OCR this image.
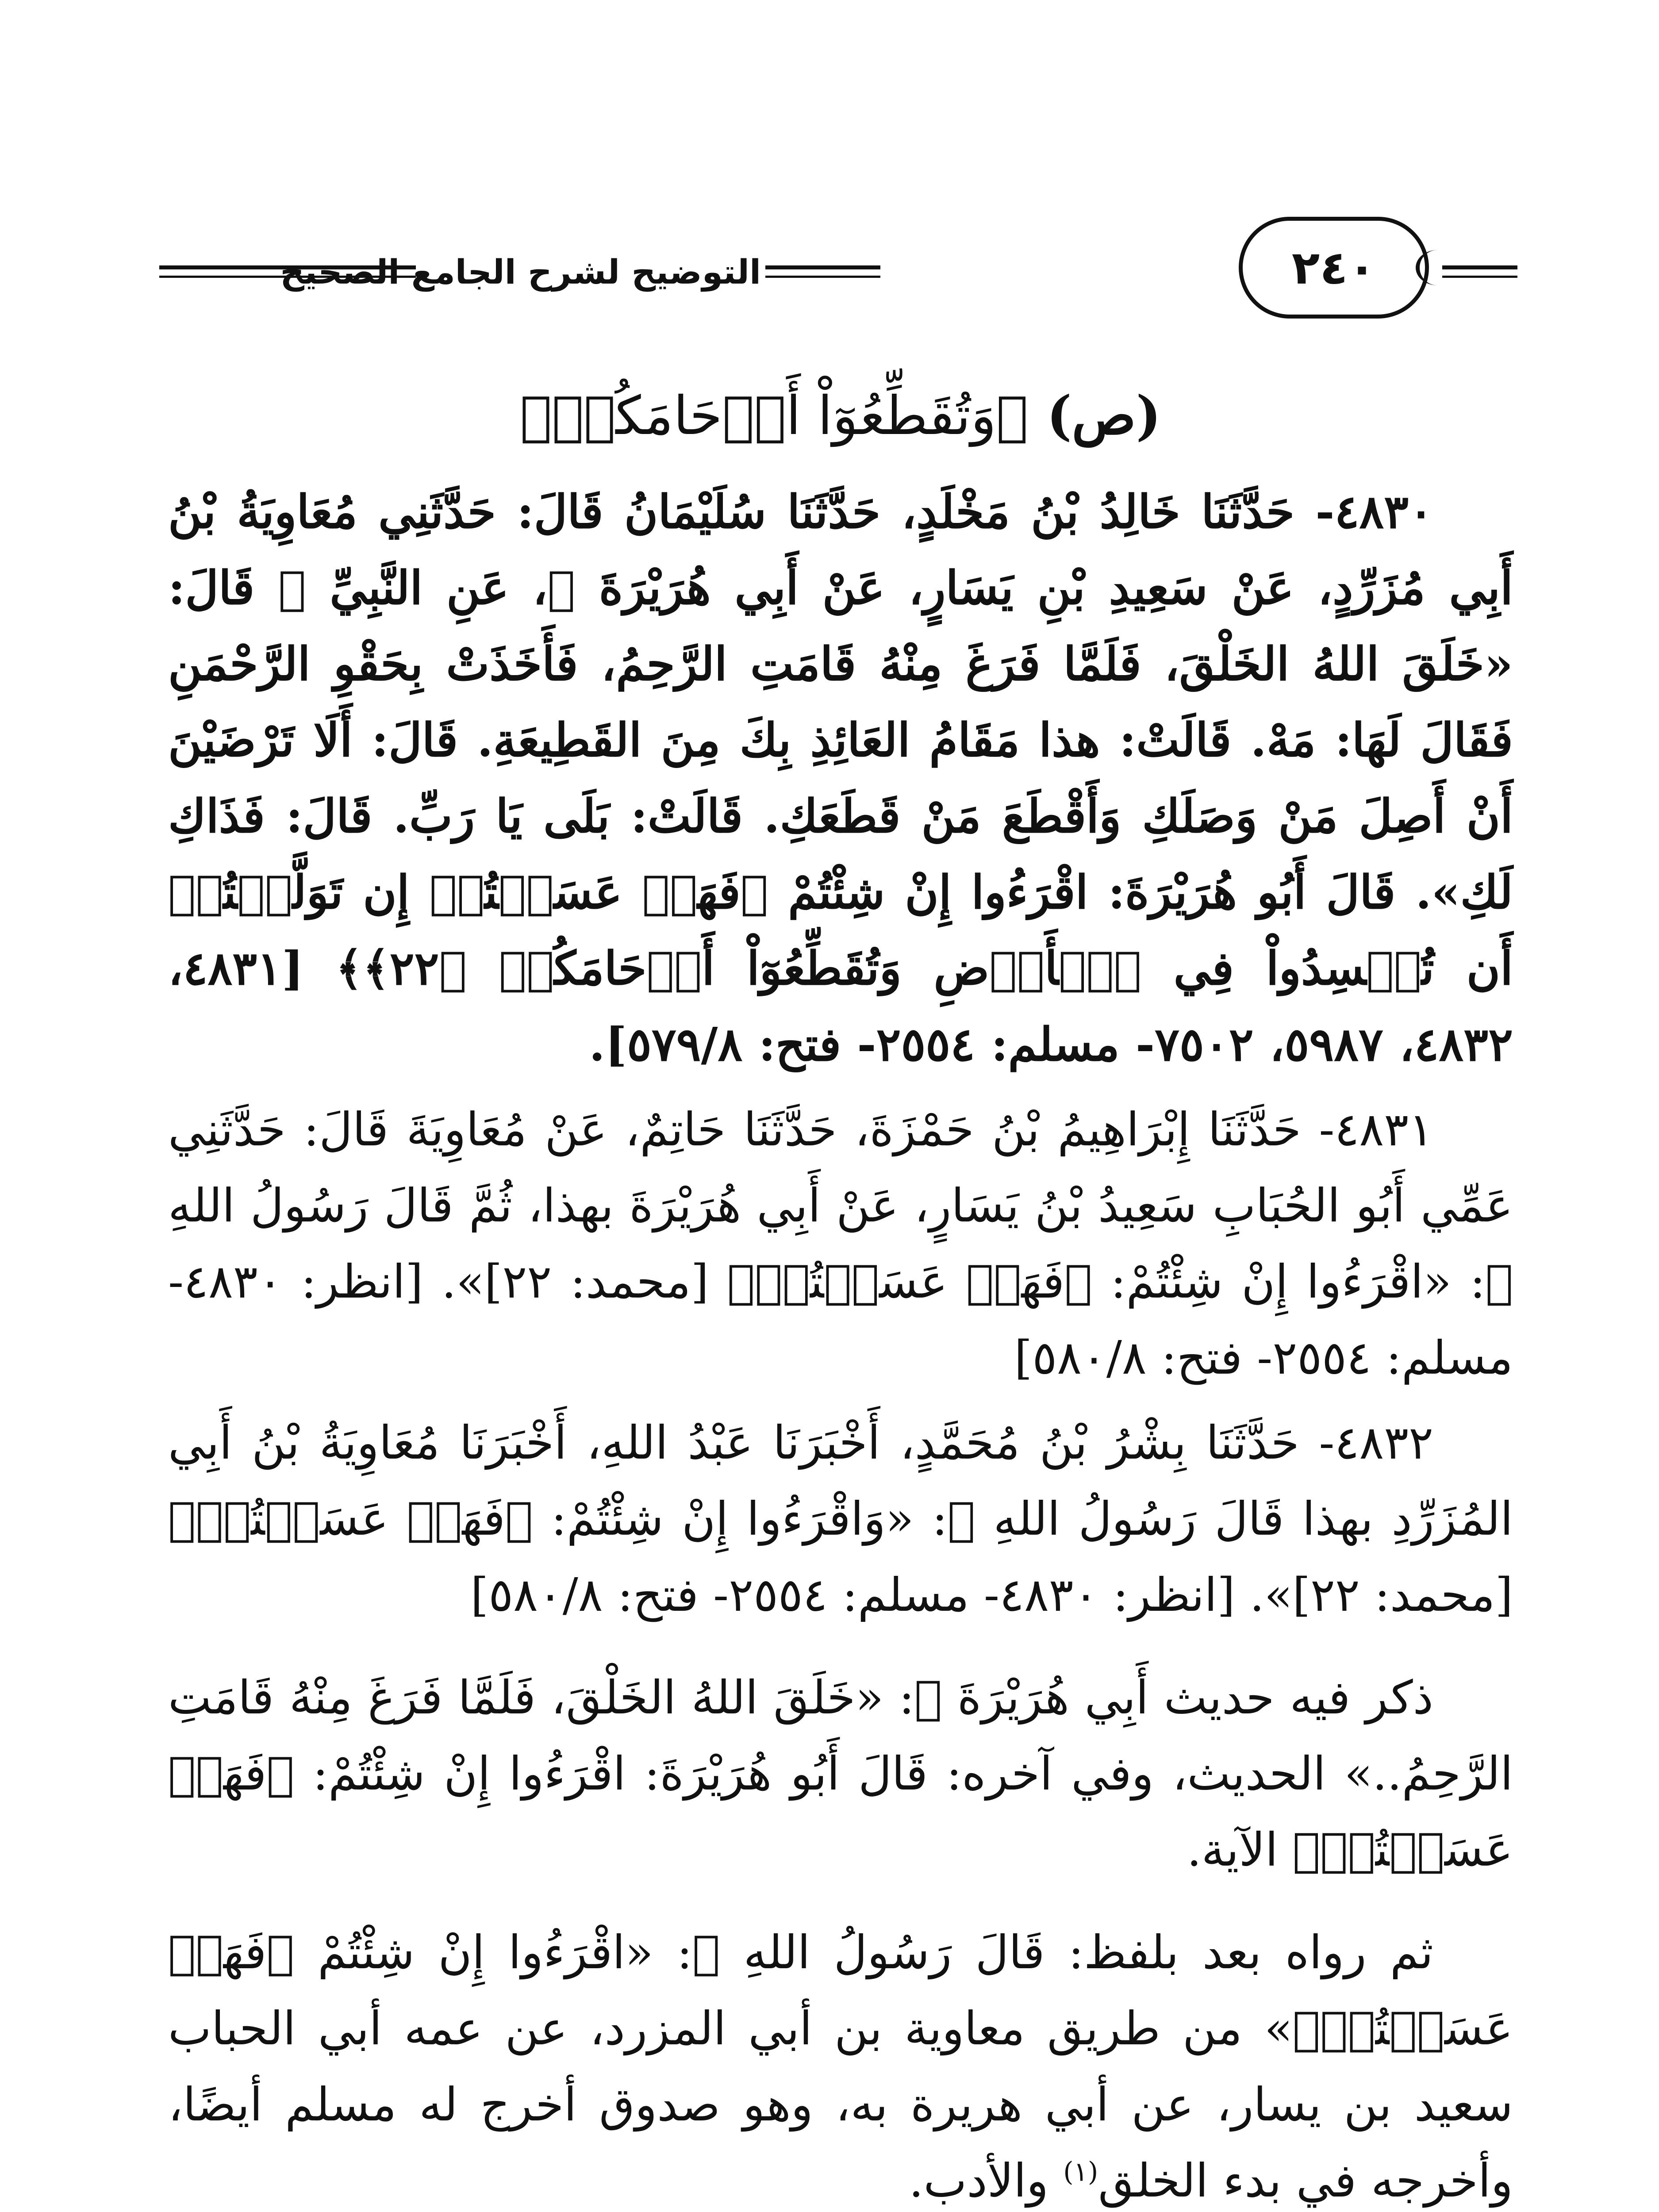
التوضيح لشرح الجامع الصحيح	٢٤٠
(ص) ﴿وَتُقَطِّعُوٓاْ أَرۡحَامَكُمۡ﴾

٤٨٣٠- حَدَّثَنَا خَالِدُ بْنُ مَخْلَدٍ، حَدَّثَنَا سُلَيْمَانُ قَالَ: حَدَّثَنِي مُعَاوِيَةُ بْنُ أَبِي مُزَرِّدٍ، عَنْ سَعِيدِ بْنِ يَسَارٍ، عَنْ أَبِي هُرَيْرَةَ ﷺ، عَنِ النَّبِيِّ ﷺ قَالَ: «خَلَقَ اللهُ الخَلْقَ، فَلَمَّا فَرَغَ مِنْهُ قَامَتِ الرَّحِمُ، فَأَخَذَتْ بِحَقْوِ الرَّحْمَنِ فَقَالَ لَهَا: مَهْ. قَالَتْ: هذا مَقَامُ العَائِذِ بِكَ مِنَ القَطِيعَةِ. قَالَ: أَلَا تَرْضَيْنَ أَنْ أَصِلَ مَنْ وَصَلَكِ وَأَقْطَعَ مَنْ قَطَعَكِ. قَالَتْ: بَلَى يَا رَبِّ. قَالَ: فَذَاكِ لَكِ». قَالَ أَبُو هُرَيْرَةَ: اقْرَءُوا إِنْ شِئْتُمْ ﴿فَهَلۡ عَسَيۡتُمۡ إِن تَوَلَّيۡتُمۡ أَن تُفۡسِدُواْ فِي ٱلۡأَرۡضِ وَتُقَطِّعُوٓاْ أَرۡحَامَكُمۡ ﴿٢٢﴾﴾ [٤٨٣١، ٤٨٣٢، ٥٩٨٧، ٧٥٠٢- مسلم: ٢٥٥٤- فتح: ٥٧٩/٨].

٤٨٣١- حَدَّثَنَا إِبْرَاهِيمُ بْنُ حَمْزَةَ، حَدَّثَنَا حَاتِمٌ، عَنْ مُعَاوِيَةَ قَالَ: حَدَّثَنِي عَمِّي أَبُو الحُبَابِ سَعِيدُ بْنُ يَسَارٍ، عَنْ أَبِي هُرَيْرَةَ بهذا، ثُمَّ قَالَ رَسُولُ اللهِ ﷺ: «اقْرَءُوا إِنْ شِئْتُمْ: ﴿فَهَلۡ عَسَيۡتُمۡ﴾ [محمد: ٢٢]». [انظر: ٤٨٣٠- مسلم: ٢٥٥٤- فتح: ٥٨٠/٨]

٤٨٣٢- حَدَّثَنَا بِشْرُ بْنُ مُحَمَّدٍ، أَخْبَرَنَا عَبْدُ اللهِ، أَخْبَرَنَا مُعَاوِيَةُ بْنُ أَبِي المُزَرِّدِ بهذا قَالَ رَسُولُ اللهِ ﷺ: «وَاقْرَءُوا إِنْ شِئْتُمْ: ﴿فَهَلۡ عَسَيۡتُمۡ﴾ [محمد: ٢٢]». [انظر: ٤٨٣٠- مسلم: ٢٥٥٤- فتح: ٥٨٠/٨]

ذكر فيه حديث أَبِي هُرَيْرَةَ ﷺ: «خَلَقَ اللهُ الخَلْقَ، فَلَمَّا فَرَغَ مِنْهُ قَامَتِ الرَّحِمُ..» الحديث، وفي آخره: قَالَ أَبُو هُرَيْرَةَ: اقْرَءُوا إِنْ شِئْتُمْ: ﴿فَهَلۡ عَسَيۡتُمۡ﴾ الآية.

ثم رواه بعد بلفظ: قَالَ رَسُولُ اللهِ ﷺ: «اقْرَءُوا إِنْ شِئْتُمْ ﴿فَهَلۡ عَسَيۡتُمۡ﴾» من طريق معاوية بن أبي المزرد، عن عمه أبي الحباب سعيد بن يسار، عن أبي هريرة به، وهو صدوق أخرج له مسلم أيضًا، وأخرجه في بدء الخلق$^{(١)}$ والأدب.
